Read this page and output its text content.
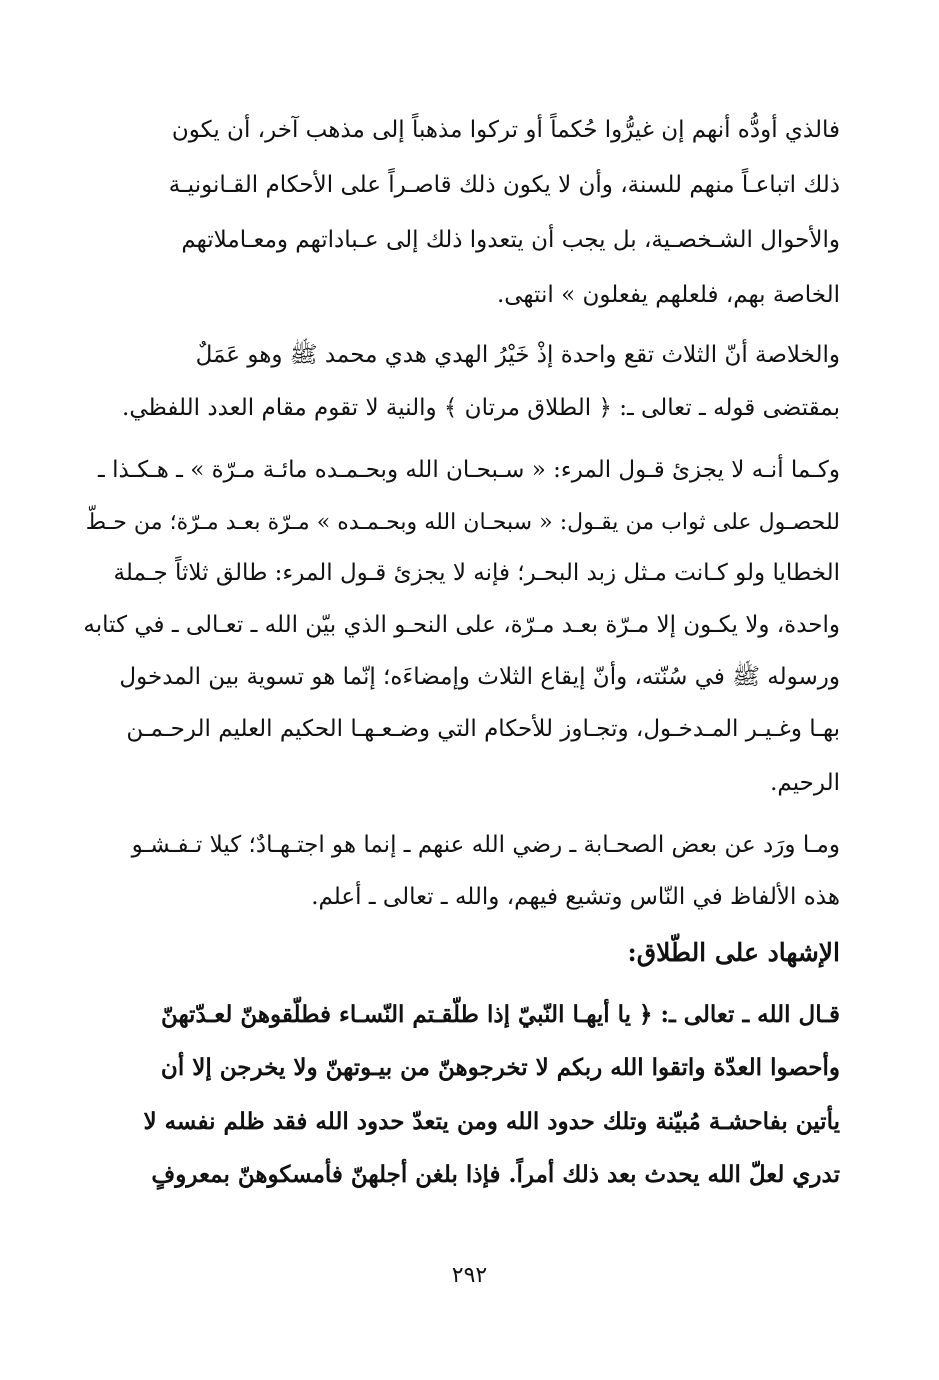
فالذي أودُّه أنهم إن غيرُّوا حُكماً أو تركوا مذهباً إلى مذهب آخر، أن يكون
ذلك اتباعـاً منهم للسنة، وأن لا يكون ذلك قاصـراً على الأحكام القـانونيـة
والأحوال الشـخصـية، بل يجب أن يتعدوا ذلك إلى عـباداتهم ومعـاملاتهم
الخاصة بهم، فلعلهم يفعلون » انتهى.
والخلاصة أنّ الثلاث تقع واحدة إذْ خَيْرُ الهدي هدي محمد ﷺ وهو عَمَلٌ
بمقتضى قوله ـ تعالى ـ: ﴿ الطلاق مرتان ﴾ والنية لا تقوم مقام العدد اللفظي.
وكـما أنـه لا يجزئ قـول المرء: « سـبحـان الله وبحـمـده مائـة مـرّة » ـ هـكـذا ـ
للحصـول على ثواب من يقـول: « سبحـان الله وبحـمـده » مـرّة بعـد مـرّة؛ من حـطّ
الخطايا ولو كـانت مـثل زبد البحـر؛ فإنه لا يجزئ قـول المرء: طالق ثلاثاً جـملة
واحدة، ولا يكـون إلا مـرّة بعـد مـرّة، على النحـو الذي بيّن الله ـ تعـالى ـ في كتابه
ورسوله ﷺ في سُنّته، وأنّ إيقاع الثلاث وإمضاءَه؛ إنّما هو تسوية بين المدخول
بهـا وغـيـر المـدخـول، وتجـاوز للأحكام التي وضـعـهـا الحكيم العليم الرحـمـن
الرحيم.
ومـا ورَد عن بعض الصحـابة ـ رضي الله عنهم ـ إنما هو اجتـهـادٌ؛ كيلا تـفـشـو
هذه الألفاظ في النّاس وتشيع فيهم، والله ـ تعالى ـ أعلم.
الإشهاد على الطّلاق:
قـال الله ـ تعالى ـ: ﴿ يا أيهـا النّبيّ إذا طلّقـتم النّسـاء فطلّقوهنّ لعـدّتهنّ
وأحصوا العدّة واتقوا الله ربكم لا تخرجوهنّ من بيـوتهنّ ولا يخرجن إلا أن
يأتين بفاحشـة مُبيّنة وتلك حدود الله ومن يتعدّ حدود الله فقد ظلم نفسه لا
تدري لعلّ الله يحدث بعد ذلك أمراً. فإذا بلغن أجلهنّ فأمسكوهنّ بمعروفٍ
٢٩٢
